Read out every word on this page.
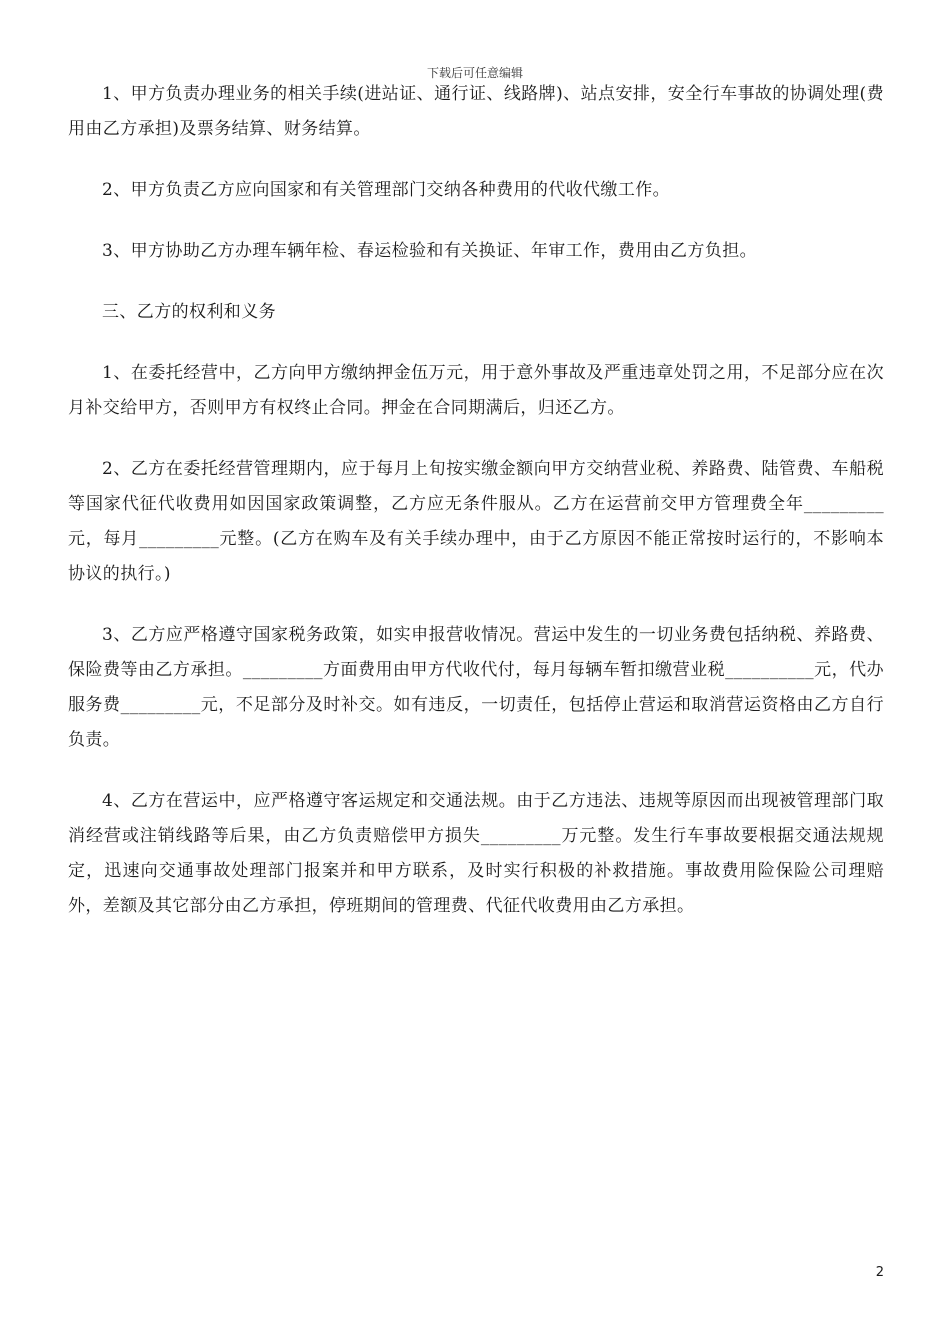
下载后可任意编辑

1、甲方负责办理业务的相关手续(进站证、通行证、线路牌)、站点安排，安全行车事故的协调处理(费用由乙方承担)及票务结算、财务结算。

2、甲方负责乙方应向国家和有关管理部门交纳各种费用的代收代缴工作。

3、甲方协助乙方办理车辆年检、春运检验和有关换证、年审工作，费用由乙方负担。

三、乙方的权利和义务

1、在委托经营中，乙方向甲方缴纳押金伍万元，用于意外事故及严重违章处罚之用，不足部分应在次月补交给甲方，否则甲方有权终止合同。押金在合同期满后，归还乙方。

2、乙方在委托经营管理期内，应于每月上旬按实缴金额向甲方交纳营业税、养路费、陆管费、车船税等国家代征代收费用如因国家政策调整，乙方应无条件服从。乙方在运营前交甲方管理费全年_________元，每月_________元整。(乙方在购车及有关手续办理中，由于乙方原因不能正常按时运行的，不影响本协议的执行。)

3、乙方应严格遵守国家税务政策，如实申报营收情况。营运中发生的一切业务费包括纳税、养路费、保险费等由乙方承担。_________方面费用由甲方代收代付，每月每辆车暂扣缴营业税__________元，代办服务费_________元，不足部分及时补交。如有违反，一切责任，包括停止营运和取消营运资格由乙方自行负责。

4、乙方在营运中，应严格遵守客运规定和交通法规。由于乙方违法、违规等原因而出现被管理部门取消经营或注销线路等后果，由乙方负责赔偿甲方损失_________万元整。发生行车事故要根据交通法规规定，迅速向交通事故处理部门报案并和甲方联系，及时实行积极的补救措施。事故费用险保险公司理赔外，差额及其它部分由乙方承担，停班期间的管理费、代征代收费用由乙方承担。

2
